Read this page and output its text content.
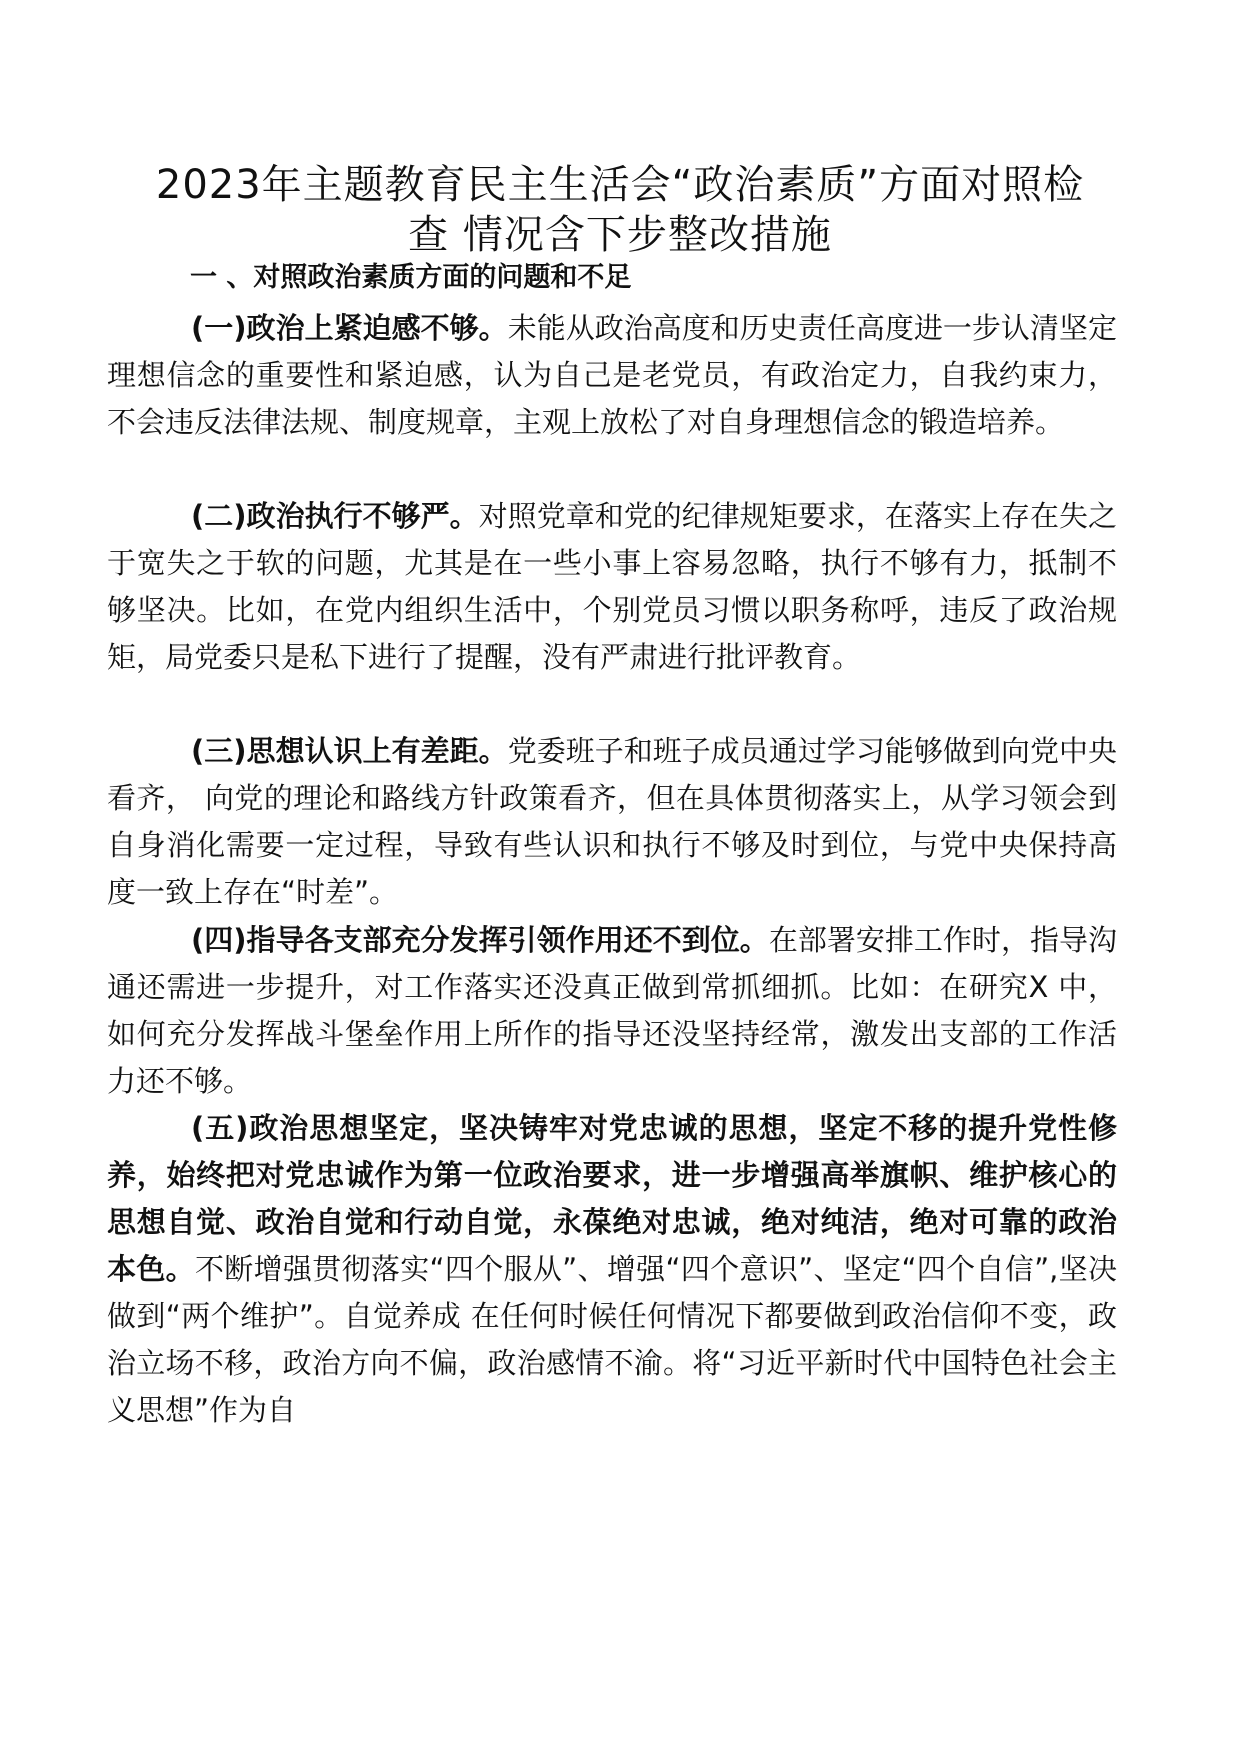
2023年主题教育民主生活会“政治素质”方面对照检
查 情况含下步整改措施
一 、对照政治素质方面的问题和不足

(一)政治上紧迫感不够。未能从政治高度和历史责任高度进一步认清坚定理想信念的重要性和紧迫感，认为自己是老党员，有政治定力，自我约束力，不会违反法律法规、制度规章，主观上放松了对自身理想信念的锻造培养。

(二)政治执行不够严。对照党章和党的纪律规矩要求，在落实上存在失之于宽失之于软的问题，尤其是在一些小事上容易忽略，执行不够有力，抵制不够坚决。比如，在党内组织生活中，个别党员习惯以职务称呼，违反了政治规矩，局党委只是私下进行了提醒，没有严肃进行批评教育。

(三)思想认识上有差距。党委班子和班子成员通过学习能够做到向党中央看齐， 向党的理论和路线方针政策看齐，但在具体贯彻落实上，从学习领会到自身消化需要一定过程，导致有些认识和执行不够及时到位，与党中央保持高度一致上存在“时差”。

(四)指导各支部充分发挥引领作用还不到位。在部署安排工作时，指导沟通还需进一步提升，对工作落实还没真正做到常抓细抓。比如：在研究X 中，如何充分发挥战斗堡垒作用上所作的指导还没坚持经常，激发出支部的工作活力还不够。

(五)政治思想坚定，坚决铸牢对党忠诚的思想，坚定不移的提升党性修养，始终把对党忠诚作为第一位政治要求，进一步增强高举旗帜、维护核心的思想自觉、政治自觉和行动自觉，永葆绝对忠诚，绝对纯洁，绝对可靠的政治本色。不断增强贯彻落实“四个服从”、增强“四个意识”、坚定“四个自信”,坚决做到“两个维护”。自觉养成 在任何时候任何情况下都要做到政治信仰不变，政治立场不移，政治方向不偏，政治感情不渝。将“习近平新时代中国特色社会主义思想”作为自
